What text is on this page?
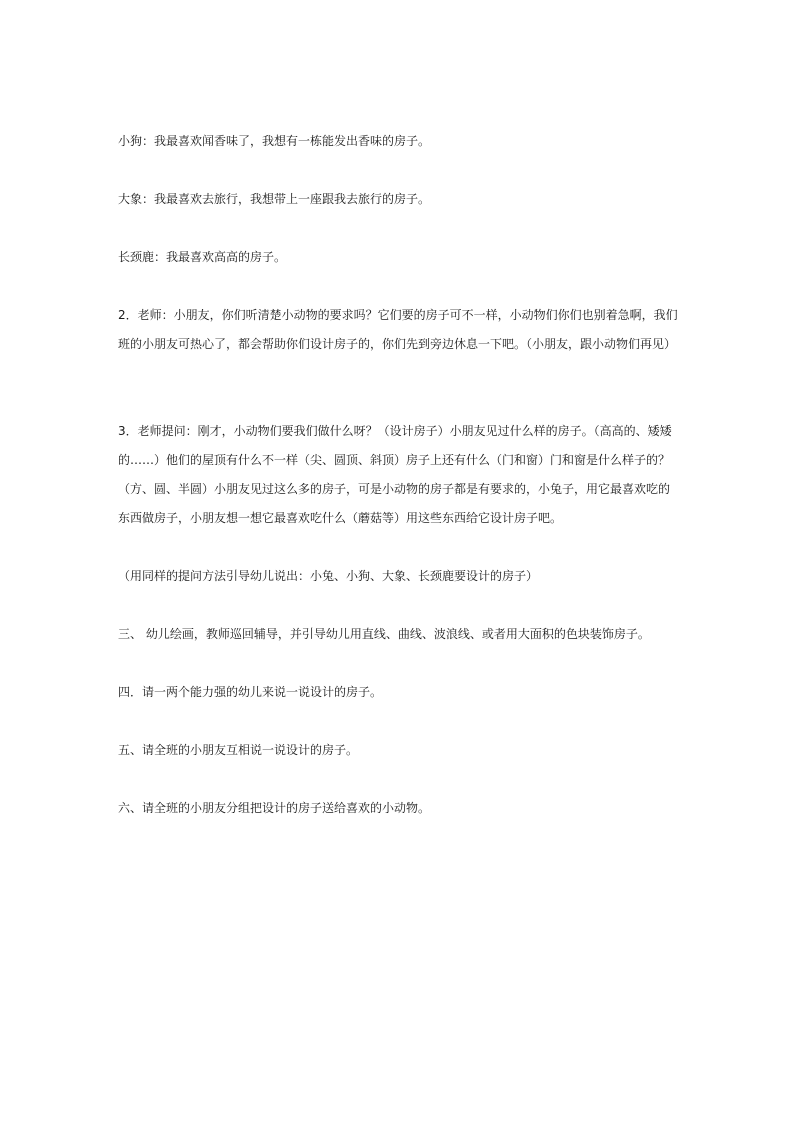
小狗：我最喜欢闻香味了，我想有一栋能发出香味的房子。

大象：我最喜欢去旅行，我想带上一座跟我去旅行的房子。

长颈鹿：我最喜欢高高的房子。

2．老师：小朋友，你们听清楚小动物的要求吗？它们要的房子可不一样，小动物们你们也别着急啊，我们班的小朋友可热心了，都会帮助你们设计房子的，你们先到旁边休息一下吧。（小朋友，跟小动物们再见）

3．老师提问：刚才，小动物们要我们做什么呀？（设计房子）小朋友见过什么样的房子。（高高的、矮矮的……）他们的屋顶有什么不一样（尖、圆顶、斜顶）房子上还有什么（门和窗）门和窗是什么样子的？（方、圆、半圆）小朋友见过这么多的房子，可是小动物的房子都是有要求的，小兔子，用它最喜欢吃的东西做房子，小朋友想一想它最喜欢吃什么（蘑菇等）用这些东西给它设计房子吧。

（用同样的提问方法引导幼儿说出：小兔、小狗、大象、长颈鹿要设计的房子）

三、 幼儿绘画，教师巡回辅导，并引导幼儿用直线、曲线、波浪线、或者用大面积的色块装饰房子。

四．请一两个能力强的幼儿来说一说设计的房子。

五、请全班的小朋友互相说一说设计的房子。

六、请全班的小朋友分组把设计的房子送给喜欢的小动物。
